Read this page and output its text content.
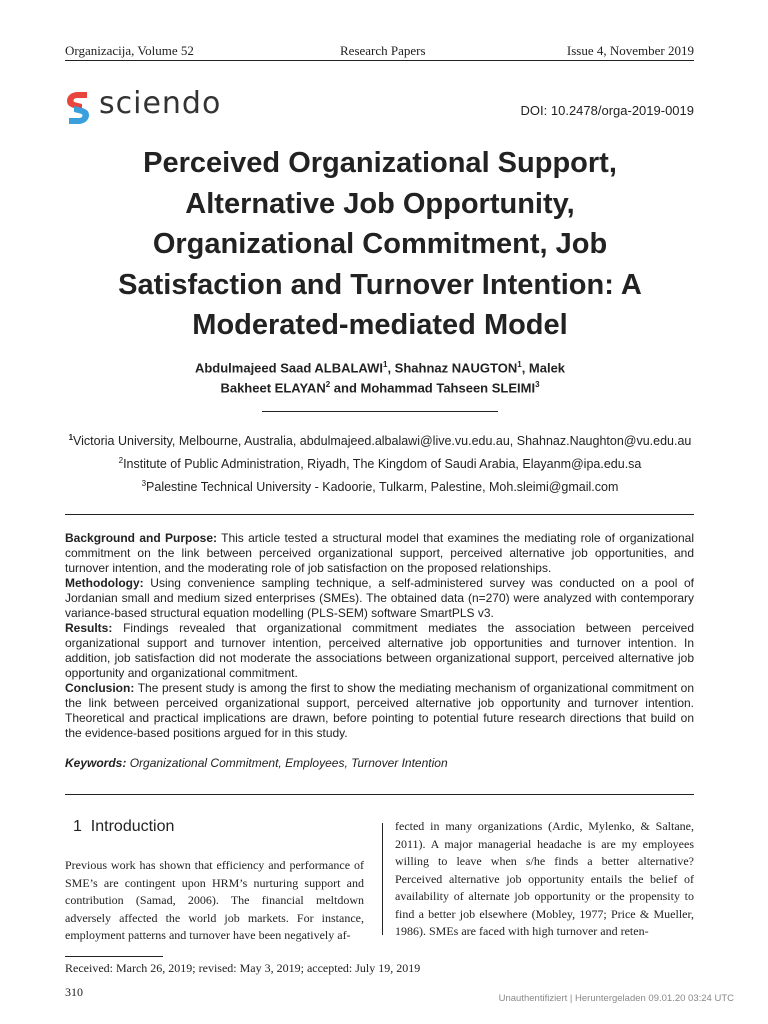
Organizacija, Volume 52	Research Papers	Issue 4, November 2019
sciendo	DOI: 10.2478/orga-2019-0019
Perceived Organizational Support,
Alternative Job Opportunity,
Organizational Commitment, Job
Satisfaction and Turnover Intention: A
Moderated-mediated Model
Abdulmajeed Saad ALBALAWI$^1$, Shahnaz NAUGTON$^1$, Malek
Bakheet ELAYAN$^2$ and Mohammad Tahseen SLEIMI$^3$
$^1$Victoria University, Melbourne, Australia, abdulmajeed.albalawi@live.vu.edu.au, Shahnaz.Naughton@vu.edu.au
$^2$Institute of Public Administration, Riyadh, The Kingdom of Saudi Arabia, Elayanm@ipa.edu.sa
$^3$Palestine Technical University - Kadoorie, Tulkarm, Palestine, Moh.sleimi@gmail.com

Background and Purpose: This article tested a structural model that examines the mediating role of organizational commitment on the link between perceived organizational support, perceived alternative job opportunities, and turnover intention, and the moderating role of job satisfaction on the proposed relationships.

Methodology: Using convenience sampling technique, a self-administered survey was conducted on a pool of Jordanian small and medium sized enterprises (SMEs). The obtained data (n=270) were analyzed with contemporary variance-based structural equation modelling (PLS-SEM) software SmartPLS v3.

Results: Findings revealed that organizational commitment mediates the association between perceived organizational support and turnover intention, perceived alternative job opportunities and turnover intention. In addition, job satisfaction did not moderate the associations between organizational support, perceived alternative job opportunity and organizational commitment.

Conclusion: The present study is among the first to show the mediating mechanism of organizational commitment on the link between perceived organizational support, perceived alternative job opportunity and turnover intention. Theoretical and practical implications are drawn, before pointing to potential future research directions that build on the evidence-based positions argued for in this study.

Keywords: Organizational Commitment, Employees, Turnover Intention
1 Introduction

Previous work has shown that efficiency and performance of SME’s are contingent upon HRM’s nurturing support and contribution (Samad, 2006). The financial meltdown adversely affected the world job markets. For instance, employment patterns and turnover have been negatively af-

fected in many organizations (Ardic, Mylenko, & Saltane, 2011). A major managerial headache is are my employees willing to leave when s/he finds a better alternative? Perceived alternative job opportunity entails the belief of availability of alternate job opportunity or the propensity to find a better job elsewhere (Mobley, 1977; Price & Mueller, 1986). SMEs are faced with high turnover and reten-

Received: March 26, 2019; revised: May 3, 2019; accepted: July 19, 2019
310	Unauthentifiziert | Heruntergeladen 09.01.20 03:24 UTC
